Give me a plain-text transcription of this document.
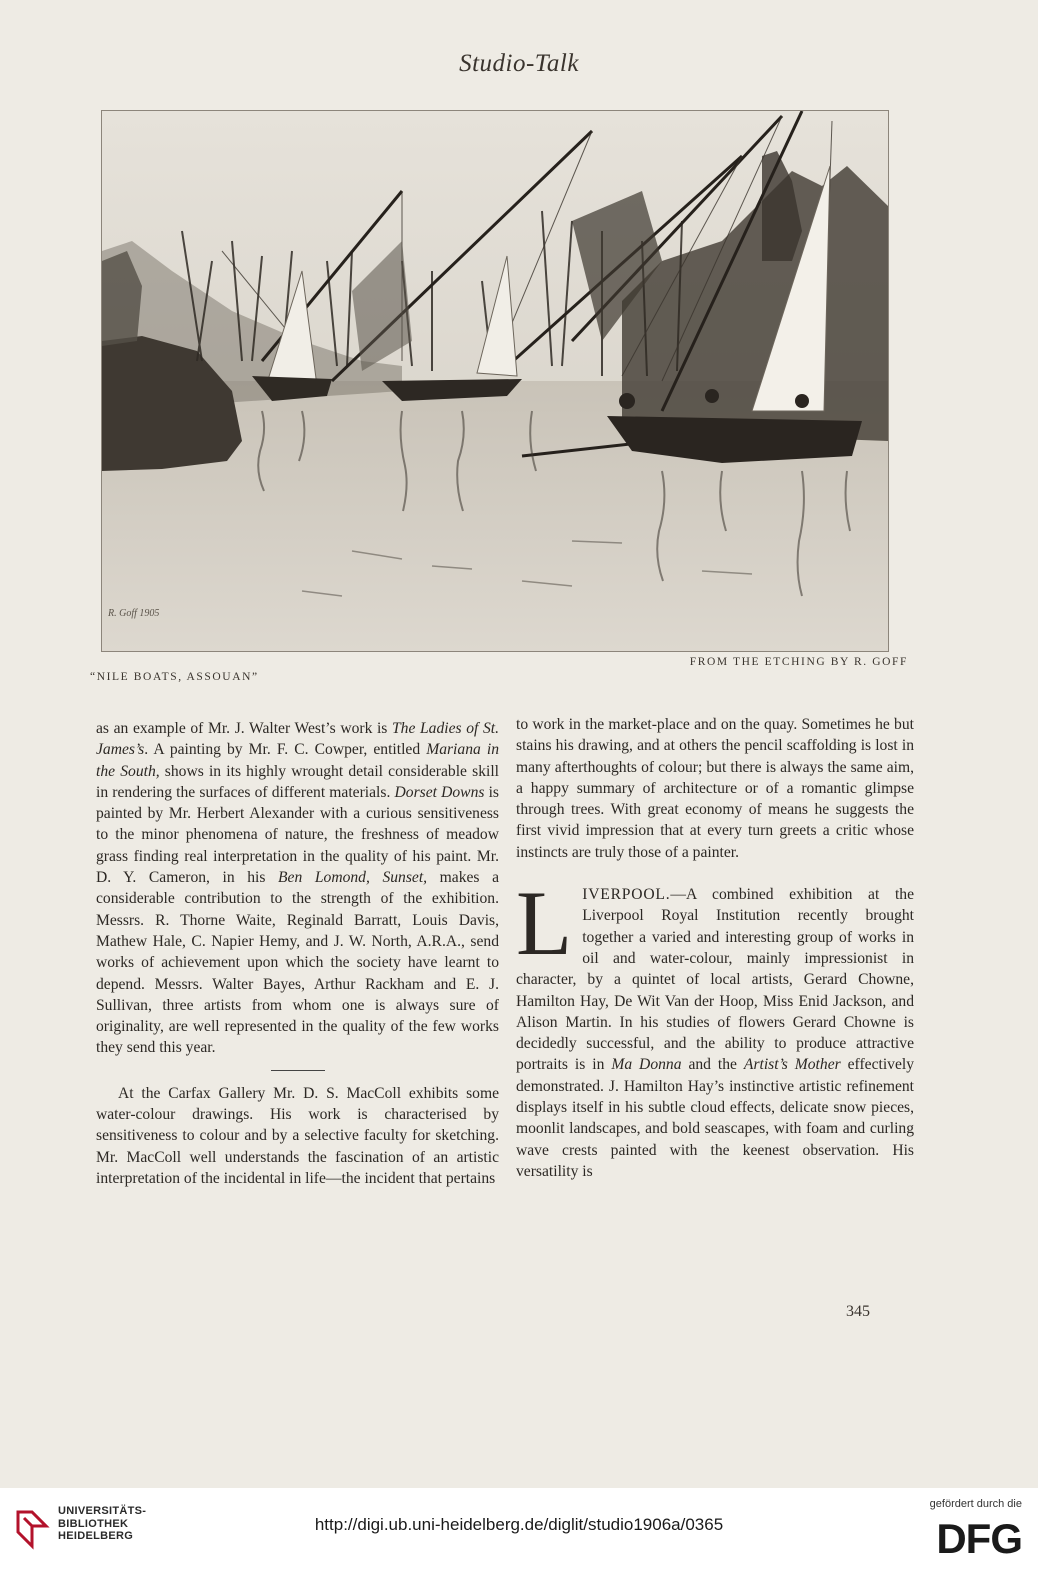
Studio-Talk
R. Goff 1905
“NILE BOATS, ASSOUAN”
FROM THE ETCHING BY R. GOFF

as an example of Mr. J. Walter West’s work is The Ladies of St. James’s. A painting by Mr. F. C. Cowper, entitled Mariana in the South, shows in its highly wrought detail considerable skill in rendering the surfaces of different materials. Dorset Downs is painted by Mr. Herbert Alexander with a curious sensitiveness to the minor phenomena of nature, the freshness of meadow grass finding real interpretation in the quality of his paint. Mr. D. Y. Cameron, in his Ben Lomond, Sunset, makes a considerable contribution to the strength of the exhibition. Messrs. R. Thorne Waite, Reginald Barratt, Louis Davis, Mathew Hale, C. Napier Hemy, and J. W. North, A.R.A., send works of achievement upon which the society have learnt to depend. Messrs. Walter Bayes, Arthur Rackham and E. J. Sullivan, three artists from whom one is always sure of originality, are well represented in the quality of the few works they send this year.

At the Carfax Gallery Mr. D. S. MacColl exhibits some water-colour drawings. His work is characterised by sensitiveness to colour and by a selective faculty for sketching. Mr. MacColl well understands the fascination of an artistic interpretation of the incidental in life—the incident that pertains

to work in the market-place and on the quay. Sometimes he but stains his drawing, and at others the pencil scaffolding is lost in many afterthoughts of colour; but there is always the same aim, a happy summary of architecture or of a romantic glimpse through trees. With great economy of means he suggests the first vivid impression that at every turn greets a critic whose instincts are truly those of a painter.

LIVERPOOL.—A combined exhibition at the Liverpool Royal Institution recently brought together a varied and interesting group of works in oil and water-colour, mainly impressionist in character, by a quintet of local artists, Gerard Chowne, Hamilton Hay, De Wit Van der Hoop, Miss Enid Jackson, and Alison Martin. In his studies of flowers Gerard Chowne is decidedly successful, and the ability to produce attractive portraits is in Ma Donna and the Artist’s Mother effectively demonstrated. J. Hamilton Hay’s instinctive artistic refinement displays itself in his subtle cloud effects, delicate snow pieces, moonlit landscapes, and bold seascapes, with foam and curling wave crests painted with the keenest observation. His versatility is

345
UNIVERSITÄTS-
BIBLIOTHEK
HEIDELBERG
http://digi.ub.uni-heidelberg.de/diglit/studio1906a/0365
gefördert durch die
DFG
